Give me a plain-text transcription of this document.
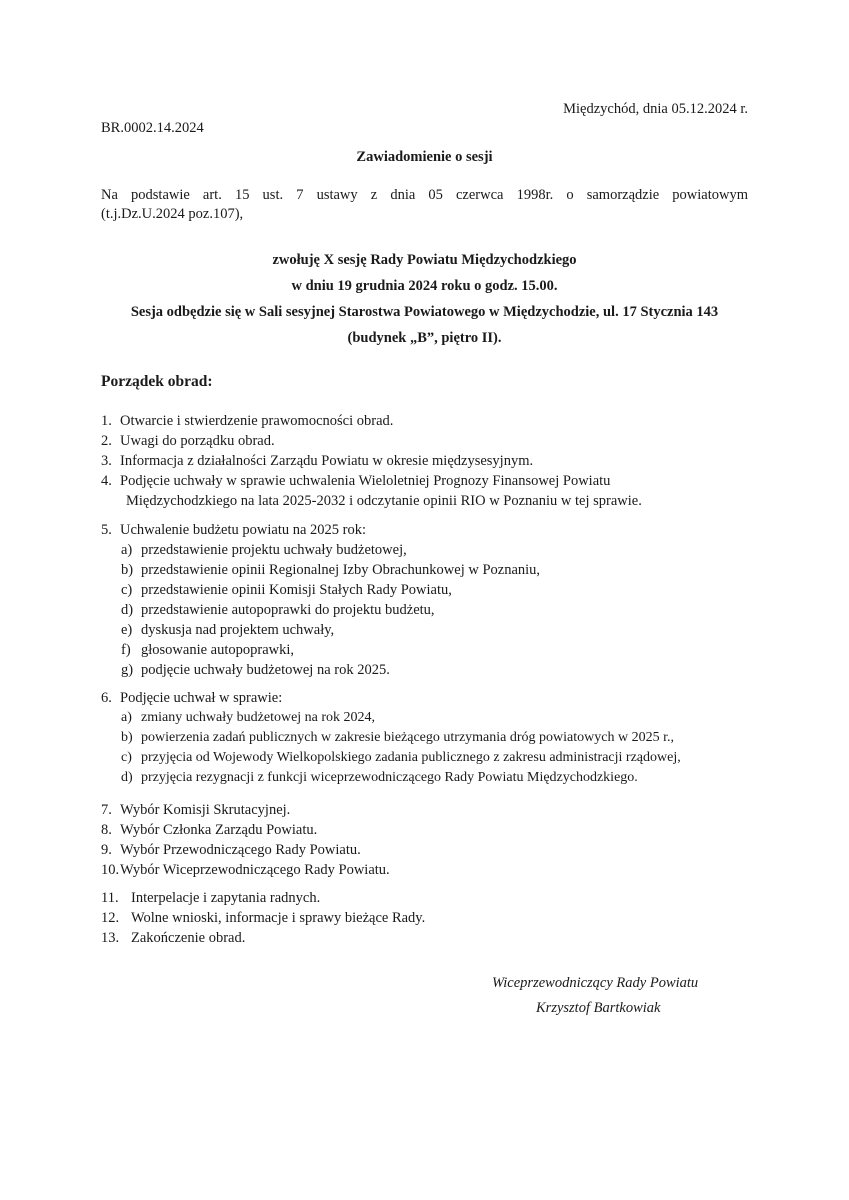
Międzychód, dnia 05.12.2024 r.
BR.0002.14.2024
Zawiadomienie o sesji
Na podstawie art. 15 ust. 7 ustawy z dnia 05 czerwca 1998r. o samorządzie powiatowym
(t.j.Dz.U.2024 poz.107),
zwołuję X sesję Rady Powiatu Międzychodzkiego
w dniu 19 grudnia 2024 roku o godz. 15.00.
Sesja odbędzie się w Sali sesyjnej Starostwa Powiatowego w Międzychodzie, ul. 17 Stycznia 143
(budynek „B”, piętro II).
Porządek obrad:
1. Otwarcie i stwierdzenie prawomocności obrad.
2. Uwagi do porządku obrad.
3. Informacja z działalności Zarządu Powiatu w okresie międzysesyjnym.
4. Podjęcie uchwały w sprawie uchwalenia Wieloletniej Prognozy Finansowej Powiatu
Międzychodzkiego na lata 2025-2032 i odczytanie opinii RIO w Poznaniu w tej sprawie.
5. Uchwalenie budżetu powiatu na 2025 rok:
a) przedstawienie projektu uchwały budżetowej,
b) przedstawienie opinii Regionalnej Izby Obrachunkowej w Poznaniu,
c) przedstawienie opinii Komisji Stałych Rady Powiatu,
d) przedstawienie autopoprawki do projektu budżetu,
e) dyskusja nad projektem uchwały,
f) głosowanie autopoprawki,
g) podjęcie uchwały budżetowej na rok 2025.
6. Podjęcie uchwał w sprawie:
a) zmiany uchwały budżetowej na rok 2024,
b) powierzenia zadań publicznych w zakresie bieżącego utrzymania dróg powiatowych w 2025 r.,
c) przyjęcia od Wojewody Wielkopolskiego zadania publicznego z zakresu administracji rządowej,
d) przyjęcia rezygnacji z funkcji wiceprzewodniczącego Rady Powiatu Międzychodzkiego.
7. Wybór Komisji Skrutacyjnej.
8. Wybór Członka Zarządu Powiatu.
9. Wybór Przewodniczącego Rady Powiatu.
10.Wybór Wiceprzewodniczącego Rady Powiatu.
11. Interpelacje i zapytania radnych.
12. Wolne wnioski, informacje i sprawy bieżące Rady.
13. Zakończenie obrad.
Wiceprzewodniczący Rady Powiatu
Krzysztof Bartkowiak
